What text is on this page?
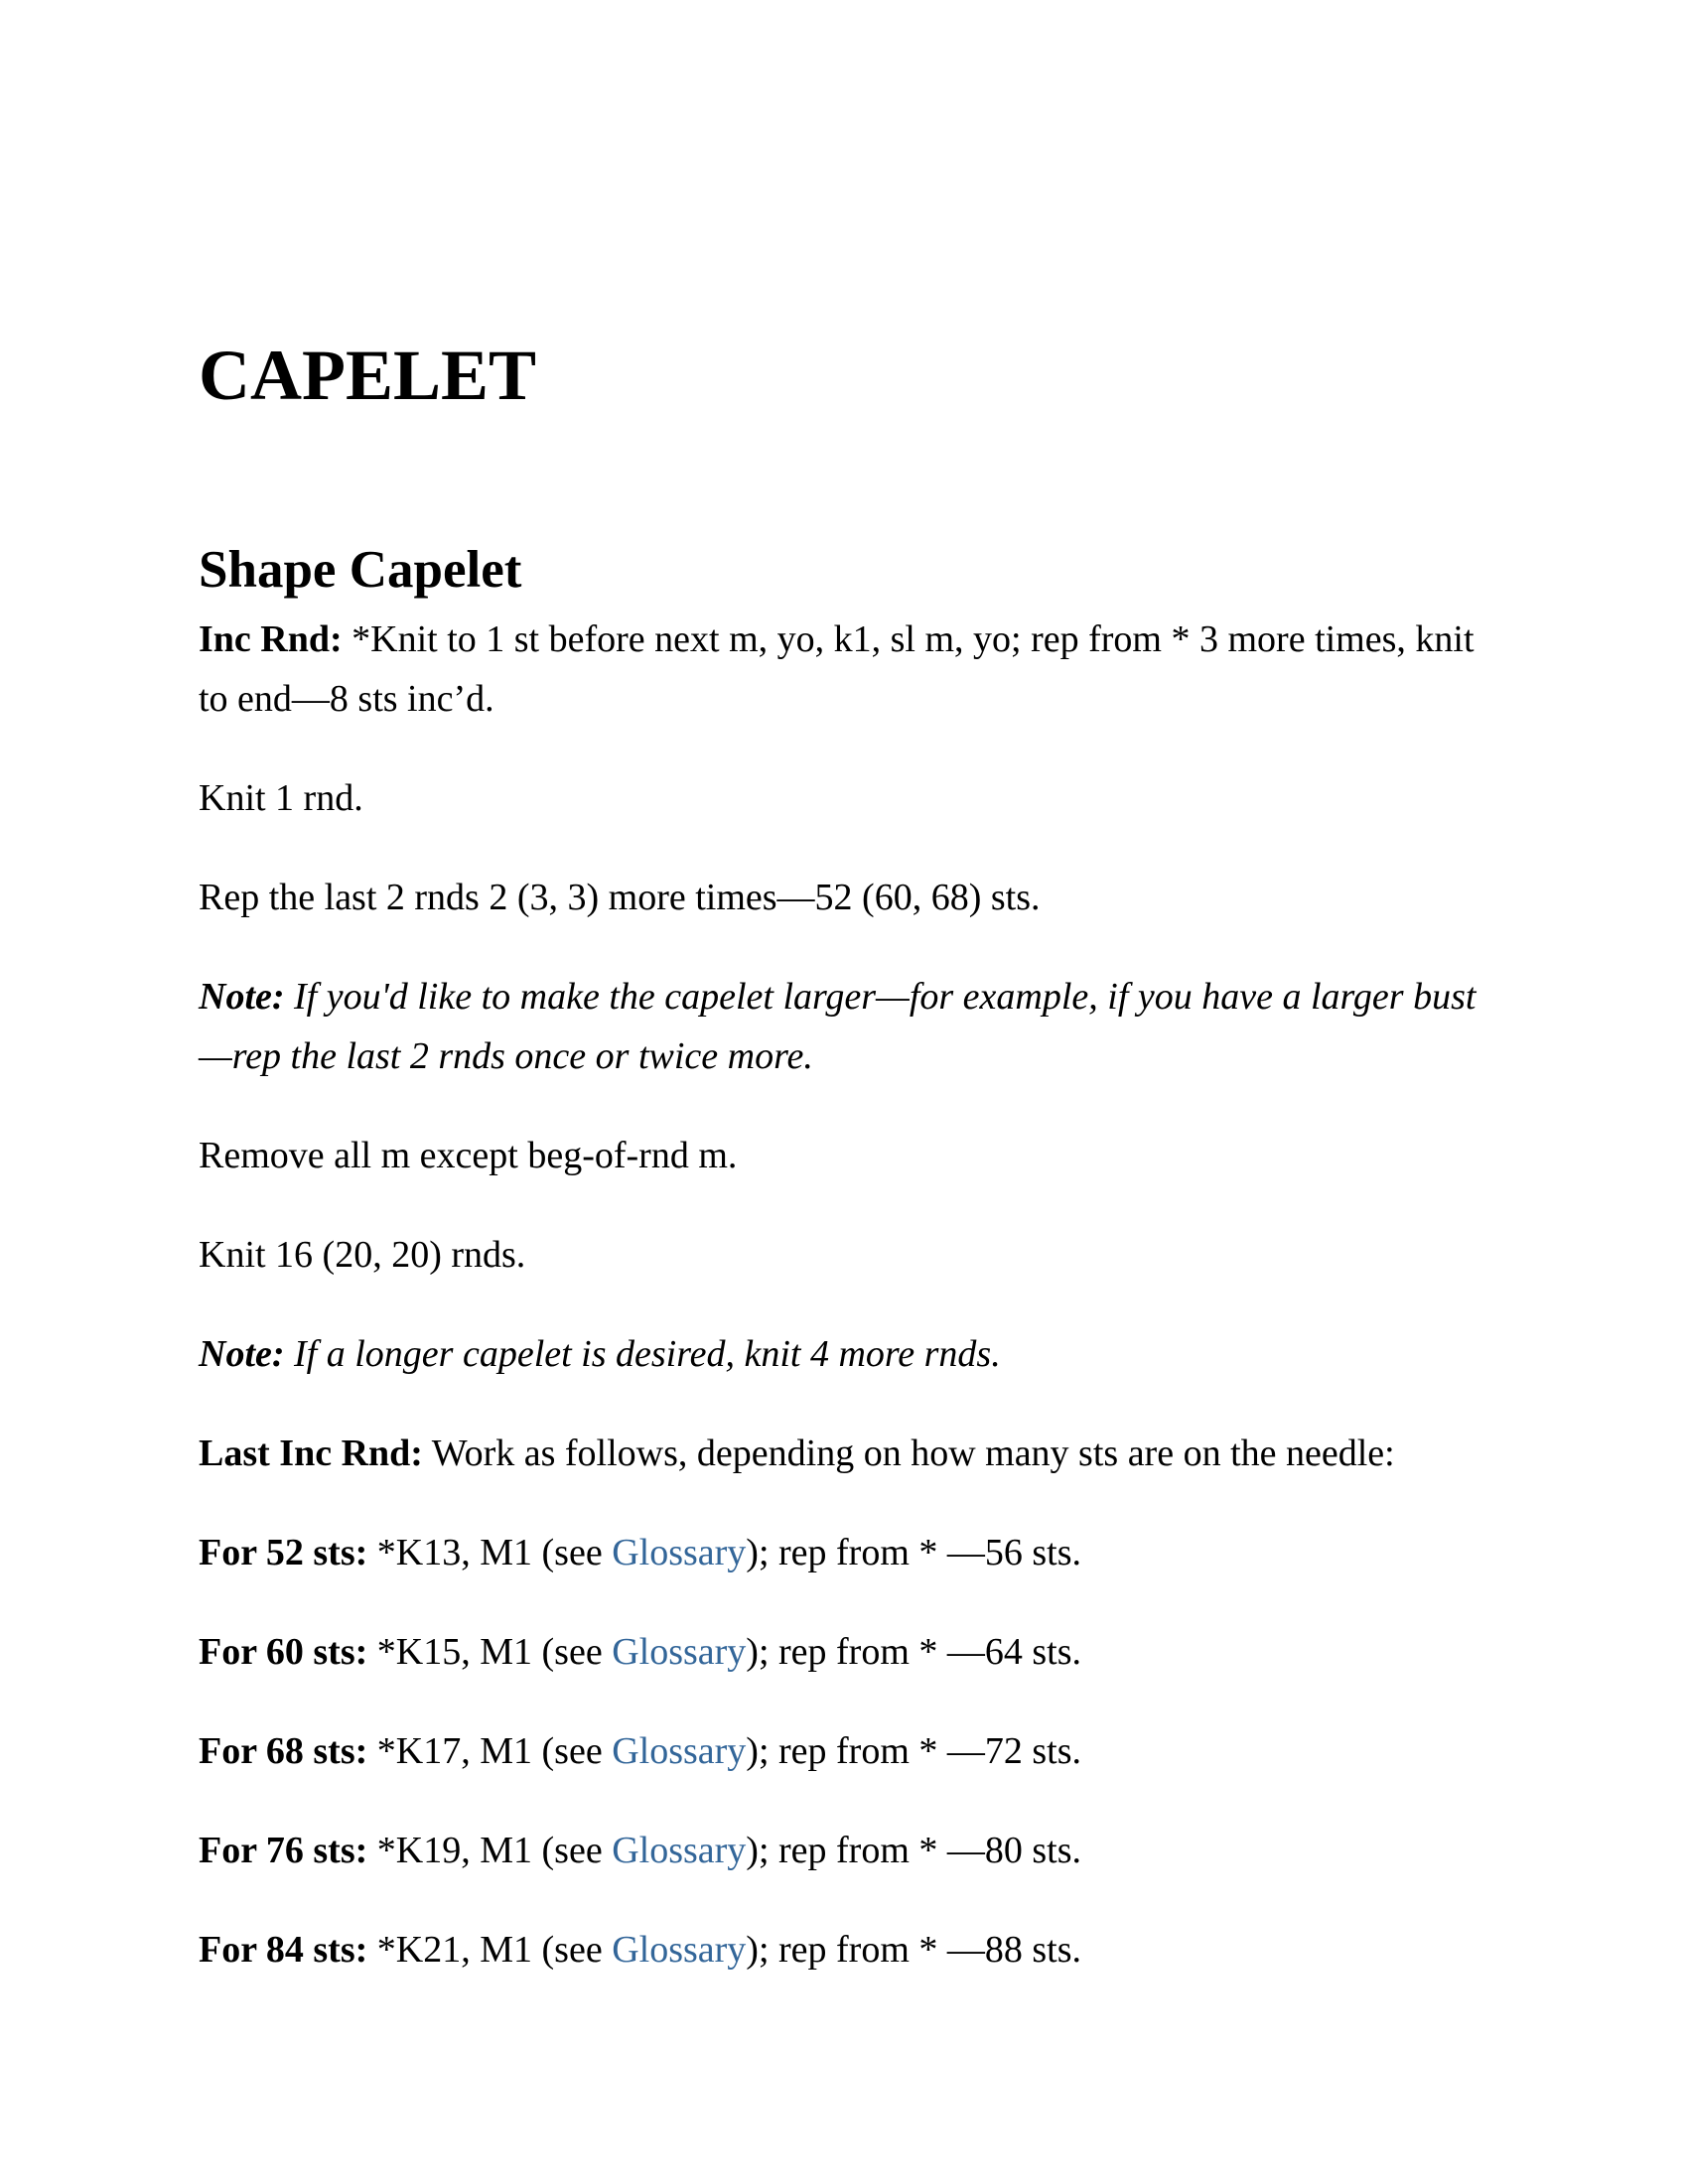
CAPELET
Shape Capelet

Inc Rnd: *Knit to 1 st before next m, yo, k1, sl m, yo; rep from * 3 more times, knit to end—8 sts inc’d.

Knit 1 rnd.

Rep the last 2 rnds 2 (3, 3) more times—52 (60, 68) sts.

Note: If you'd like to make the capelet larger—for example, if you have a larger bust—rep the last 2 rnds once or twice more.

Remove all m except beg-of-rnd m.

Knit 16 (20, 20) rnds.

Note: If a longer capelet is desired, knit 4 more rnds.

Last Inc Rnd: Work as follows, depending on how many sts are on the needle:

For 52 sts: *K13, M1 (see Glossary); rep from * —56 sts.

For 60 sts: *K15, M1 (see Glossary); rep from * —64 sts.

For 68 sts: *K17, M1 (see Glossary); rep from * —72 sts.

For 76 sts: *K19, M1 (see Glossary); rep from * —80 sts.

For 84 sts: *K21, M1 (see Glossary); rep from * —88 sts.
